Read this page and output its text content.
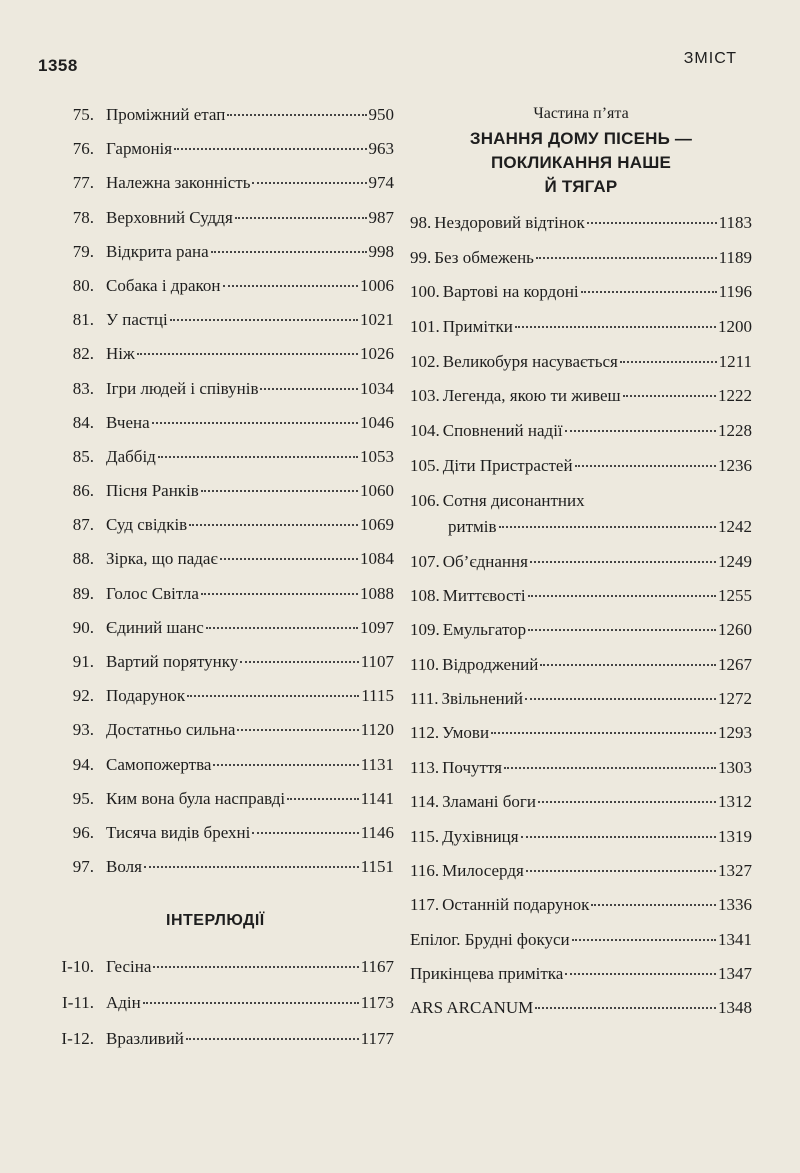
1358	ЗМІСТ
75. Проміжний етап	950
76. Гармонія	963
77. Належна законність	974
78. Верховний Суддя	987
79. Відкрита рана	998
80. Собака і дракон	1006
81. У пастці	1021
82. Ніж	1026
83. Ігри людей і співунів	1034
84. Вчена	1046
85. Даббід	1053
86. Пісня Ранків	1060
87. Суд свідків	1069
88. Зірка, що падає	1084
89. Голос Світла	1088
90. Єдиний шанс	1097
91. Вартий порятунку	1107
92. Подарунок	1115
93. Достатньо сильна	1120
94. Самопожертва	1131
95. Ким вона була насправді	1141
96. Тисяча видів брехні	1146
97. Воля	1151
ІНТЕРЛЮДІЇ
I-10. Гесіна	1167
I-11. Адін	1173
I-12. Вразливий	1177
Частина п’ята
ЗНАННЯ ДОМУ ПІСЕНЬ —
ПОКЛИКАННЯ НАШЕ
Й ТЯГАР
98. Нездоровий відтінок	1183
99. Без обмежень	1189
100. Вартові на кордоні	1196
101. Примітки	1200
102. Великобуря насувається	1211
103. Легенда, якою ти живеш	1222
104. Сповнений надії	1228
105. Діти Пристрастей	1236
106. Сотня дисонантних
ритмів	1242
107. Об’єднання	1249
108. Миттєвості	1255
109. Емульгатор	1260
110. Відроджений	1267
111. Звільнений	1272
112. Умови	1293
113. Почуття	1303
114. Зламані боги	1312
115. Духівниця	1319
116. Милосердя	1327
117. Останній подарунок	1336
Епілог. Брудні фокуси	1341
Прикінцева примітка	1347
ARS ARCANUM	1348
